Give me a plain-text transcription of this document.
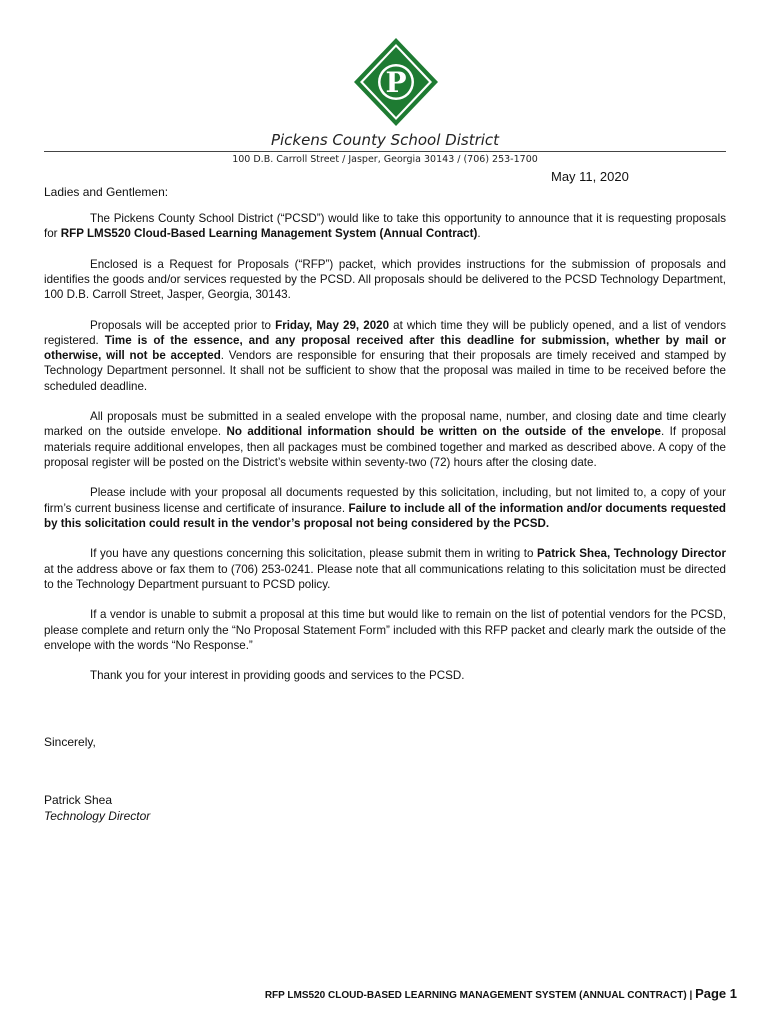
P
Pickens County School District
100 D.B. Carroll Street / Jasper, Georgia 30143 / (706) 253-1700
May 11, 2020
Ladies and Gentlemen:

The Pickens County School District (“PCSD”) would like to take this opportunity to announce that it is requesting proposals for RFP LMS520 Cloud-Based Learning Management System (Annual Contract).

Enclosed is a Request for Proposals (“RFP”) packet, which provides instructions for the submission of proposals and identifies the goods and/or services requested by the PCSD. All proposals should be delivered to the PCSD Technology Department, 100 D.B. Carroll Street, Jasper, Georgia, 30143.

Proposals will be accepted prior to Friday, May 29, 2020 at which time they will be publicly opened, and a list of vendors registered. Time is of the essence, and any proposal received after this deadline for submission, whether by mail or otherwise, will not be accepted. Vendors are responsible for ensuring that their proposals are timely received and stamped by Technology Department personnel. It shall not be sufficient to show that the proposal was mailed in time to be received before the scheduled deadline.

All proposals must be submitted in a sealed envelope with the proposal name, number, and closing date and time clearly marked on the outside envelope. No additional information should be written on the outside of the envelope. If proposal materials require additional envelopes, then all packages must be combined together and marked as described above. A copy of the proposal register will be posted on the District’s website within seventy-two (72) hours after the closing date.

Please include with your proposal all documents requested by this solicitation, including, but not limited to, a copy of your firm’s current business license and certificate of insurance. Failure to include all of the information and/or documents requested by this solicitation could result in the vendor’s proposal not being considered by the PCSD.

If you have any questions concerning this solicitation, please submit them in writing to Patrick Shea, Technology Director at the address above or fax them to (706) 253-0241. Please note that all communications relating to this solicitation must be directed to the Technology Department pursuant to PCSD policy.

If a vendor is unable to submit a proposal at this time but would like to remain on the list of potential vendors for the PCSD, please complete and return only the “No Proposal Statement Form” included with this RFP packet and clearly mark the outside of the envelope with the words “No Response.”

Thank you for your interest in providing goods and services to the PCSD.

Sincerely,
Patrick Shea
Technology Director
RFP LMS520 CLOUD-BASED LEARNING MANAGEMENT SYSTEM (ANNUAL CONTRACT) | Page 1
